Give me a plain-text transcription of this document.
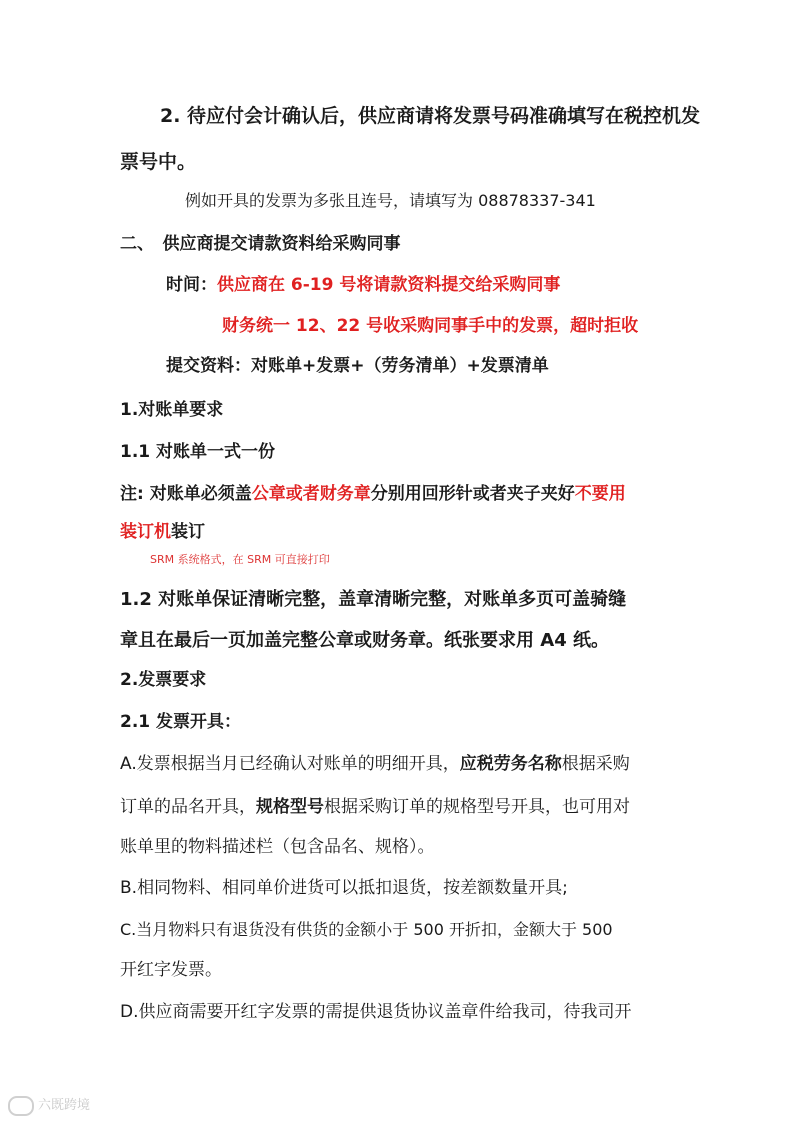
2. 待应付会计确认后，供应商请将发票号码准确填写在税控机发
票号中。
例如开具的发票为多张且连号，请填写为 08878337-341
二、　供应商提交请款资料给采购同事
时间：供应商在 6-19 号将请款资料提交给采购同事
财务统一 12、22 号收采购同事手中的发票，超时拒收
提交资料：对账单+发票+（劳务清单）+发票清单
1.对账单要求
1.1 对账单一式一份
注: 对账单必须盖公章或者财务章分别用回形针或者夹子夹好不要用
装订机装订
SRM 系统格式，在 SRM 可直接打印
1.2 对账单保证清晰完整，盖章清晰完整，对账单多页可盖骑缝
章且在最后一页加盖完整公章或财务章。纸张要求用 A4 纸。
2.发票要求
2.1 发票开具：
A.发票根据当月已经确认对账单的明细开具，应税劳务名称根据采购
订单的品名开具，规格型号根据采购订单的规格型号开具，也可用对
账单里的物料描述栏（包含品名、规格）。
B.相同物料、相同单价进货可以抵扣退货，按差额数量开具;
C.当月物料只有退货没有供货的金额小于 500 开折扣，金额大于 500
开红字发票。
D.供应商需要开红字发票的需提供退货协议盖章件给我司，待我司开
六既跨境
